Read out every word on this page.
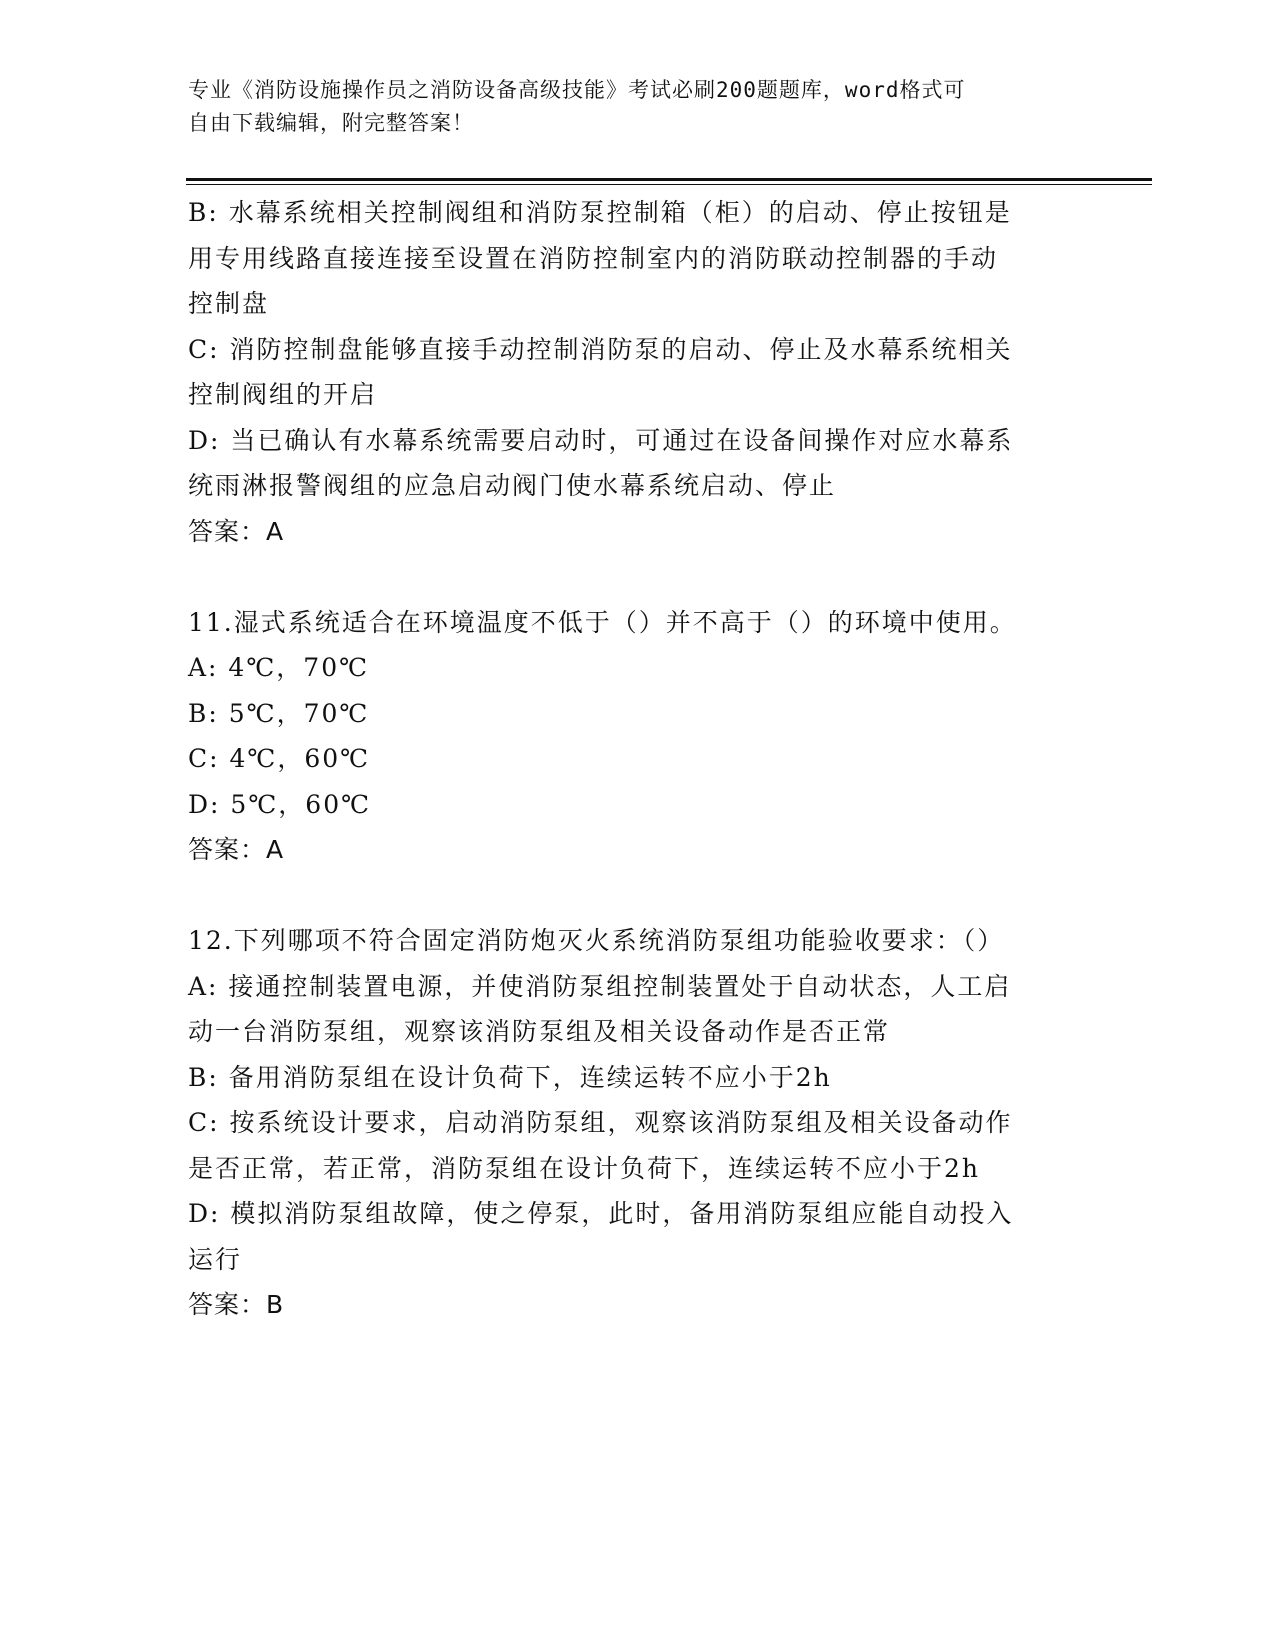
专业《消防设施操作员之消防设备高级技能》考试必刷200题题库，word格式可
自由下载编辑，附完整答案！
B: 水幕系统相关控制阀组和消防泵控制箱（柜）的启动、停止按钮是
用专用线路直接连接至设置在消防控制室内的消防联动控制器的手动
控制盘
C: 消防控制盘能够直接手动控制消防泵的启动、停止及水幕系统相关
控制阀组的开启
D: 当已确认有水幕系统需要启动时，可通过在设备间操作对应水幕系
统雨淋报警阀组的应急启动阀门使水幕系统启动、停止
答案：A
11.湿式系统适合在环境温度不低于（）并不高于（）的环境中使用。
A: 4℃，70℃
B: 5℃，70℃
C: 4℃，60℃
D: 5℃，60℃
答案：A
12.下列哪项不符合固定消防炮灭火系统消防泵组功能验收要求：（）
A: 接通控制装置电源，并使消防泵组控制装置处于自动状态，人工启
动一台消防泵组，观察该消防泵组及相关设备动作是否正常
B: 备用消防泵组在设计负荷下，连续运转不应小于2h
C: 按系统设计要求，启动消防泵组，观察该消防泵组及相关设备动作
是否正常，若正常，消防泵组在设计负荷下，连续运转不应小于2h
D: 模拟消防泵组故障，使之停泵，此时，备用消防泵组应能自动投入
运行
答案：B
